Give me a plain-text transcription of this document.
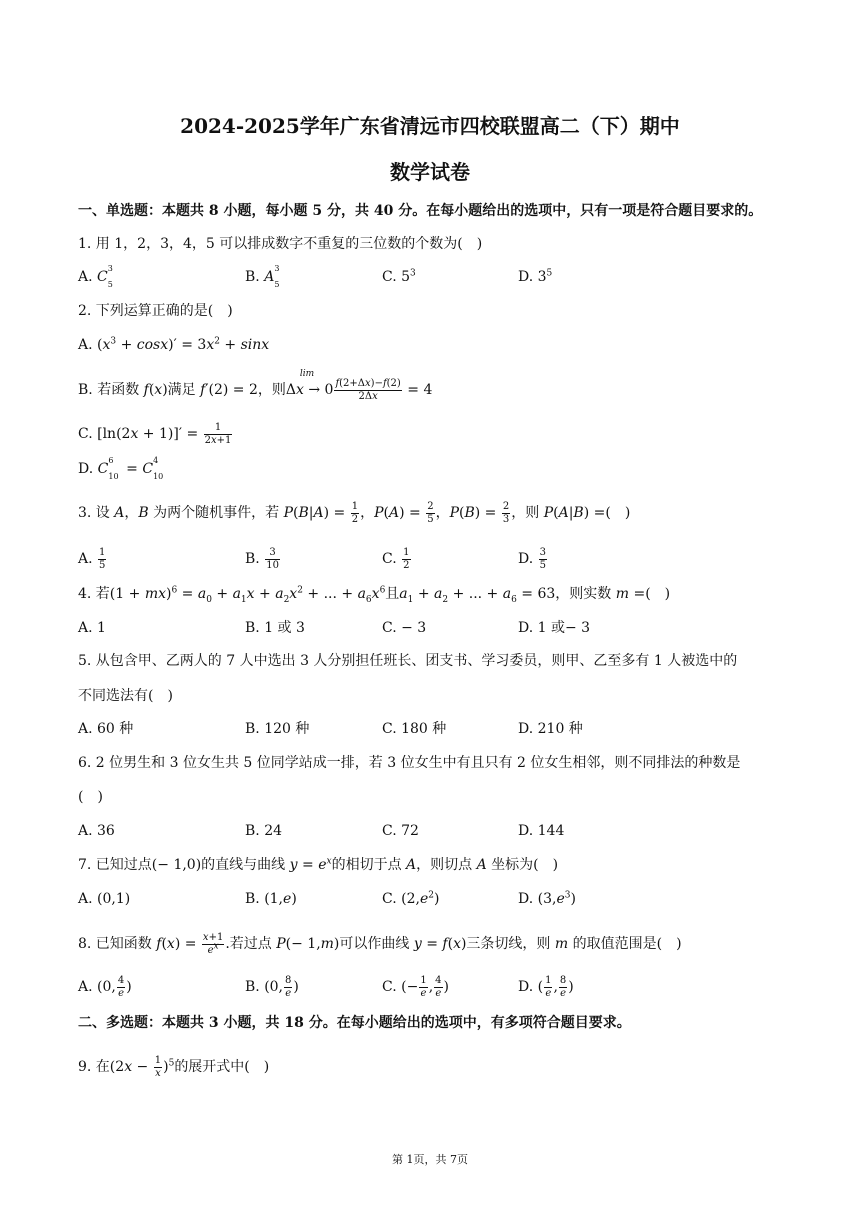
2024-2025学年广东省清远市四校联盟高二（下）期中
数学试卷
一、单选题：本题共 8 小题，每小题 5 分，共 40 分。在每小题给出的选项中，只有一项是符合题目要求的。
1. 用 1，2，3，4，5 可以排成数字不重复的三位数的个数为(　)
A. C
3
5
	B. A
3
5
	C. $5^3$	D. $3^5$
2. 下列运算正确的是(　)
A. $(x^3 + \cos x)' = 3x^2 + \sin x$
B. 若函数 f(x)满足 f′(2) = 2，则
lim
$\Delta x \to 0 \frac{f(2+\Delta x)-f(2)}{2\Delta x} = 4$
C. $[\ln(2x + 1)]' = \frac{1}{2x+1}$
D. C
6
10 = C
4
10

3. 设 A，B 为两个随机事件，若 $P(B|A) = \frac{1}{2}$ ，$P(A) = \frac{2}{5}$ ，$P(B) = \frac{2}{3}$ ，则 P(A|B) =(　)
A. $\frac{1}{5}$	B. $\frac{3}{10}$	C. $\frac{1}{2}$	D. $\frac{3}{5}$
4. 若$(1 + mx)^6 = a_0 + a_1x + a_2x^2$ + ... + $a_6x^6$且$a_1 + a_2$ + ... + $a_6 = 63$，则实数 m =(　)
A. 1	B. 1 或 3	C. − 3	D. 1 或− 3
5. 从包含甲、乙两人的 7 人中选出 3 人分别担任班长、团支书、学习委员，则甲、乙至多有 1 人被选中的
不同选法有(　)
A. 60 种	B. 120 种	C. 180 种	D. 210 种
6. 2 位男生和 3 位女生共 5 位同学站成一排，若 3 位女生中有且只有 2 位女生相邻，则不同排法的种数是
(　)
A. 36	B. 24	C. 72	D. 144
7. 已知过点(− 1,0)的直线与曲线 $y = e^x$的相切于点 A，则切点 A 坐标为(　)
A. (0,1)	B. (1,e)	C. $(2,e^2)$	D. $(3,e^3)$
8. 已知函数 $f(x) = \frac{x+1}{e^x}$ .若过点 P(− 1,m)可以作曲线 y = f(x)三条切线，则 m 的取值范围是(　)
A. (0, $\frac{4}{e}$ )	B. (0, $\frac{8}{e}$ )	C. (− $\frac{1}{e}$ , $\frac{4}{e}$ )	D. ( $\frac{1}{e}$ , $\frac{8}{e}$ )
二、多选题：本题共 3 小题，共 18 分。在每小题给出的选项中，有多项符合题目要求。
9. 在$(2x - \frac{1}{x} )^5$的展开式中(　)
第 1页，共 7页
